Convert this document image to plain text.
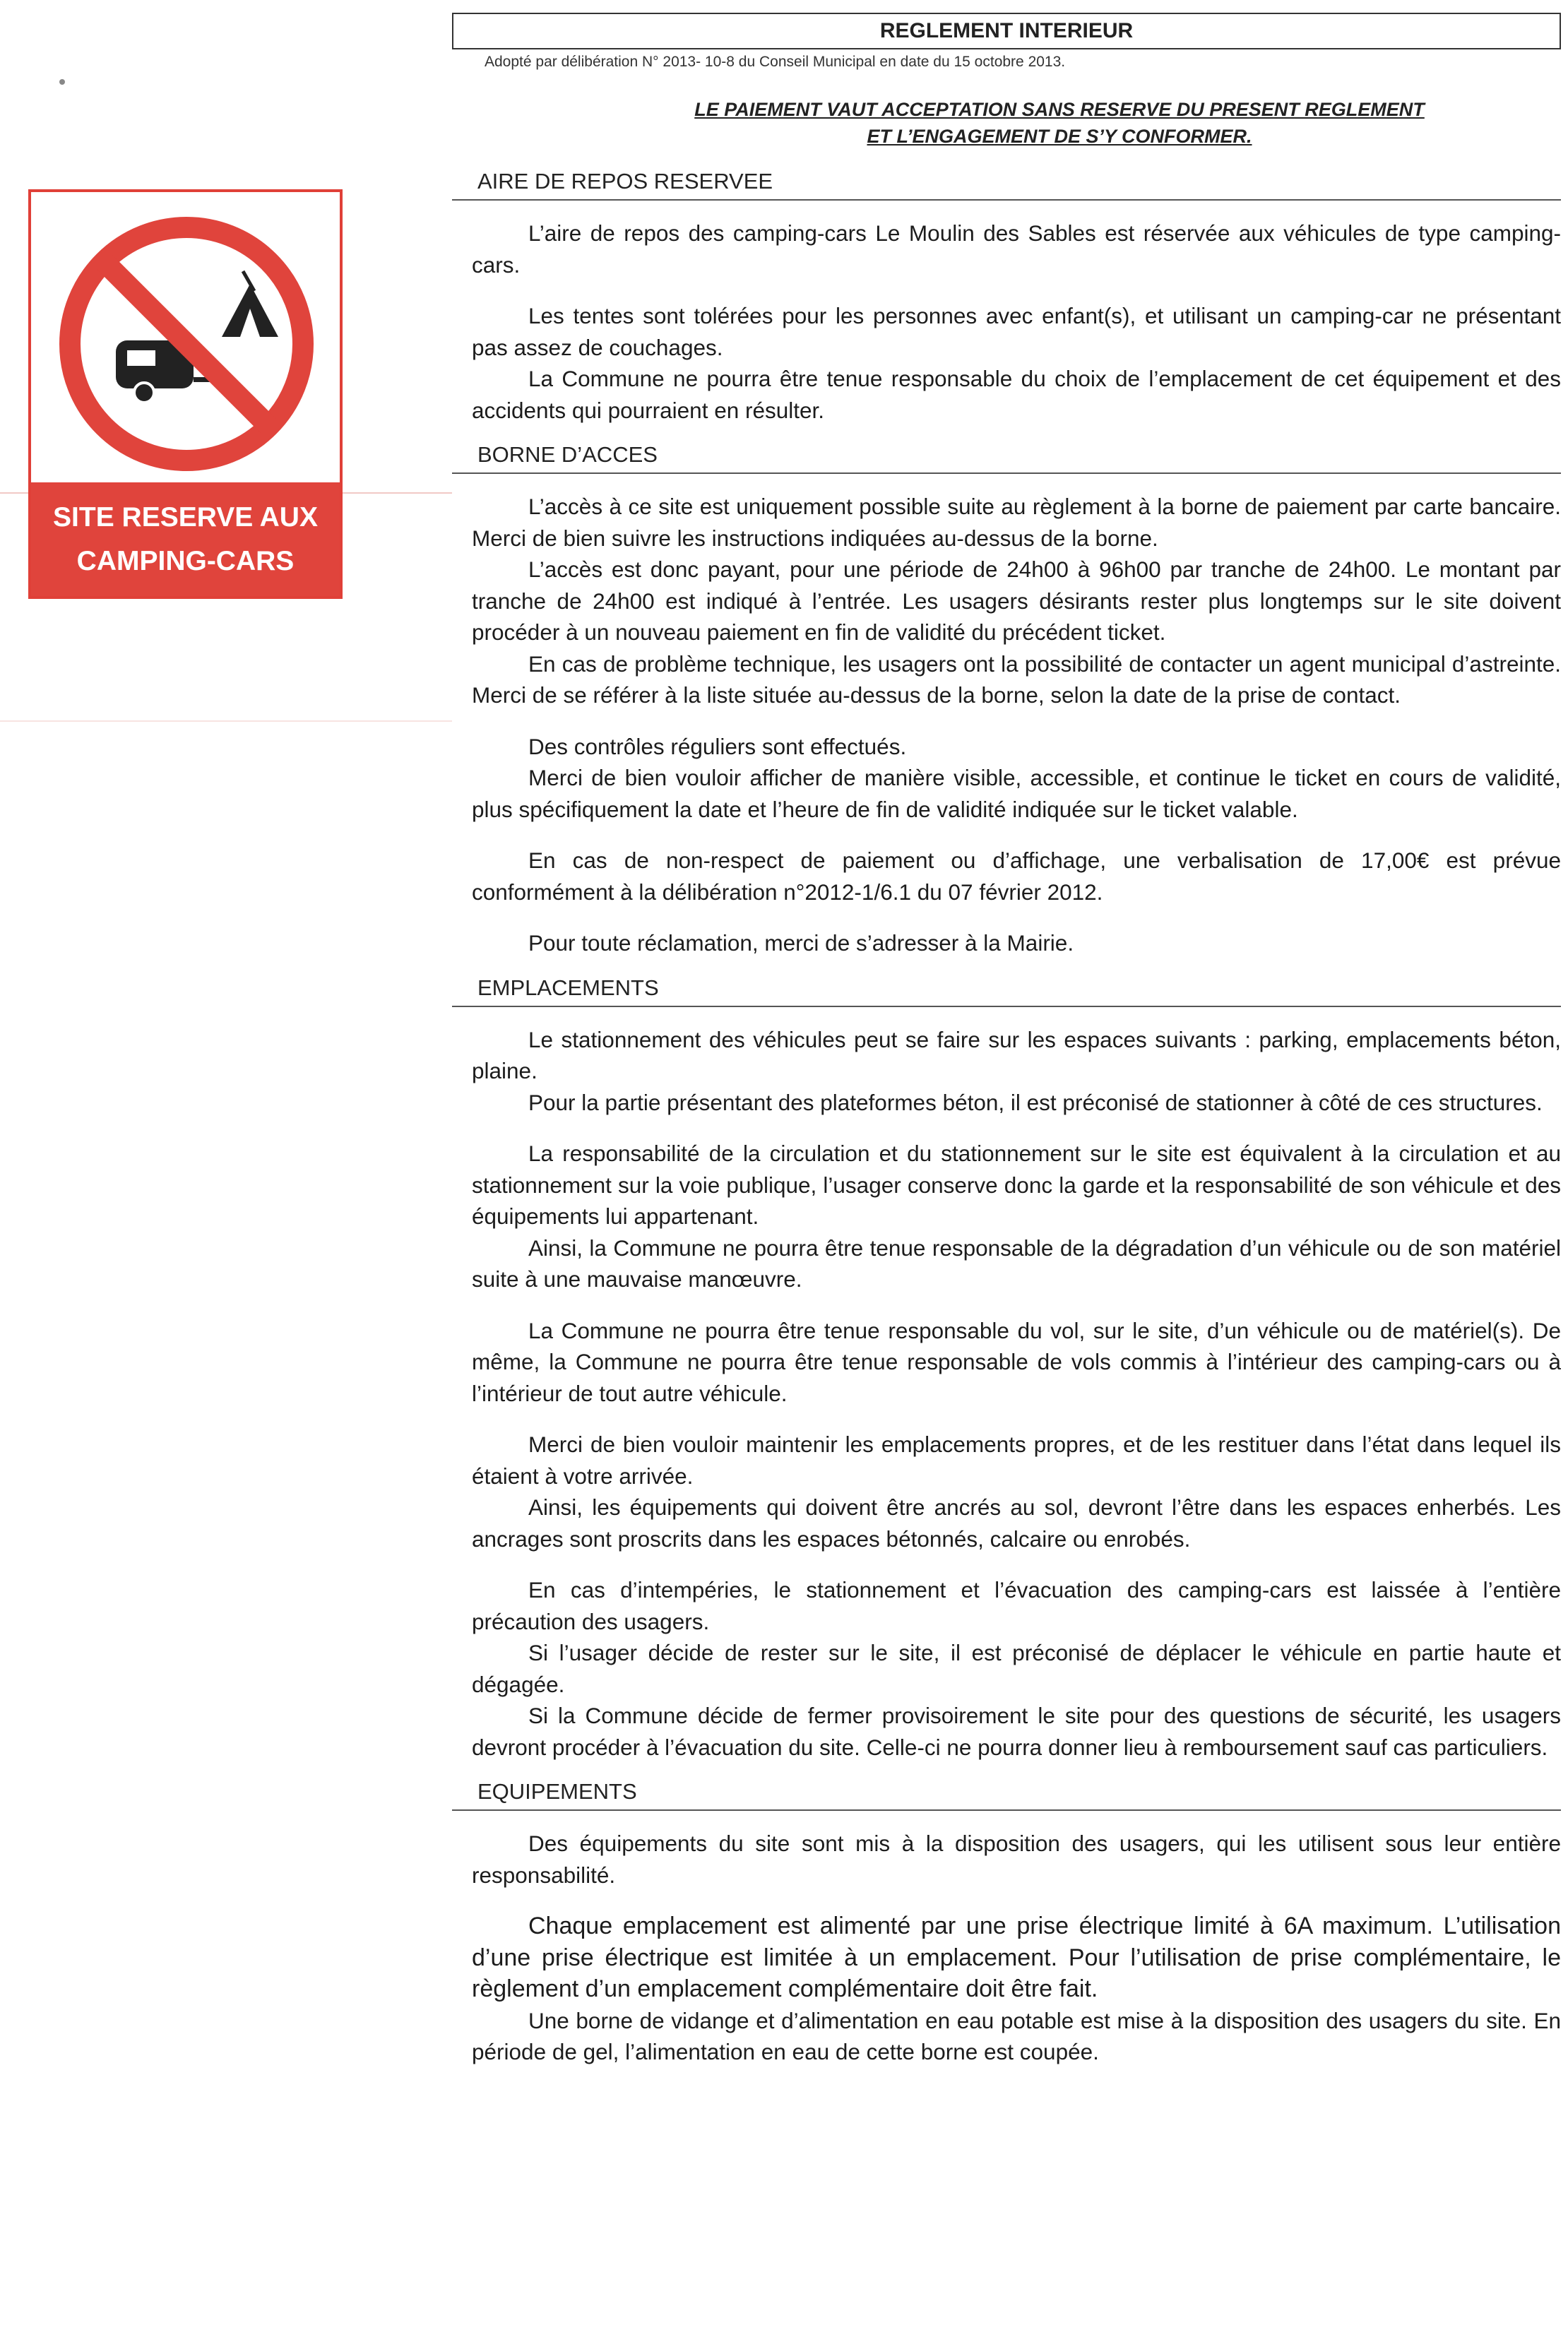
SITE RESERVE AUX
CAMPING-CARS
REGLEMENT INTERIEUR
Adopté par délibération N° 2013- 10-8 du Conseil Municipal en date du 15 octobre 2013.
LE PAIEMENT VAUT ACCEPTATION SANS RESERVE DU PRESENT REGLEMENT
ET L’ENGAGEMENT DE S’Y CONFORMER.
AIRE DE REPOS RESERVEE

L’aire de repos des camping-cars Le Moulin des Sables est réservée aux véhicules de type camping-cars.

Les tentes sont tolérées pour les personnes avec enfant(s), et utilisant un camping-car ne présentant pas assez de couchages.

La Commune ne pourra être tenue responsable du choix de l’emplacement de cet équipement et des accidents qui pourraient en résulter.

BORNE D’ACCES

L’accès à ce site est uniquement possible suite au règlement à la borne de paiement par carte bancaire. Merci de bien suivre les instructions indiquées au-dessus de la borne.

L’accès est donc payant, pour une période de 24h00 à 96h00 par tranche de 24h00. Le montant par tranche de 24h00 est indiqué à l’entrée. Les usagers désirants rester plus longtemps sur le site doivent procéder à un nouveau paiement en fin de validité du précédent ticket.

En cas de problème technique, les usagers ont la possibilité de contacter un agent municipal d’astreinte. Merci de se référer à la liste située au-dessus de la borne, selon la date de la prise de contact.

Des contrôles réguliers sont effectués.

Merci de bien vouloir afficher de manière visible, accessible, et continue le ticket en cours de validité, plus spécifiquement la date et l’heure de fin de validité indiquée sur le ticket valable.

En cas de non-respect de paiement ou d’affichage, une verbalisation de 17,00€ est prévue conformément à la délibération n°2012-1/6.1 du 07 février 2012.

Pour toute réclamation, merci de s’adresser à la Mairie.

EMPLACEMENTS

Le stationnement des véhicules peut se faire sur les espaces suivants : parking, emplacements béton, plaine.

Pour la partie présentant des plateformes béton, il est préconisé de stationner à côté de ces structures.

La responsabilité de la circulation et du stationnement sur le site est équivalent à la circulation et au stationnement sur la voie publique, l’usager conserve donc la garde et la responsabilité de son véhicule et des équipements lui appartenant.

Ainsi, la Commune ne pourra être tenue responsable de la dégradation d’un véhicule ou de son matériel suite à une mauvaise manœuvre.

La Commune ne pourra être tenue responsable du vol, sur le site, d’un véhicule ou de matériel(s). De même, la Commune ne pourra être tenue responsable de vols commis à l’intérieur des camping-cars ou à l’intérieur de tout autre véhicule.

Merci de bien vouloir maintenir les emplacements propres, et de les restituer dans l’état dans lequel ils étaient à votre arrivée.

Ainsi, les équipements qui doivent être ancrés au sol, devront l’être dans les espaces enherbés. Les ancrages sont proscrits dans les espaces bétonnés, calcaire ou enrobés.

En cas d’intempéries, le stationnement et l’évacuation des camping-cars est laissée à l’entière précaution des usagers.

Si l’usager décide de rester sur le site, il est préconisé de déplacer le véhicule en partie haute et dégagée.

Si la Commune décide de fermer provisoirement le site pour des questions de sécurité, les usagers devront procéder à l’évacuation du site. Celle-ci ne pourra donner lieu à remboursement sauf cas particuliers.

EQUIPEMENTS

Des équipements du site sont mis à la disposition des usagers, qui les utilisent sous leur entière responsabilité.

Chaque emplacement est alimenté par une prise électrique limité à 6A maximum. L’utilisation d’une prise électrique est limitée à un emplacement. Pour l’utilisation de prise complémentaire, le règlement d’un emplacement complémentaire doit être fait.

Une borne de vidange et d’alimentation en eau potable est mise à la disposition des usagers du site. En période de gel, l’alimentation en eau de cette borne est coupée.
